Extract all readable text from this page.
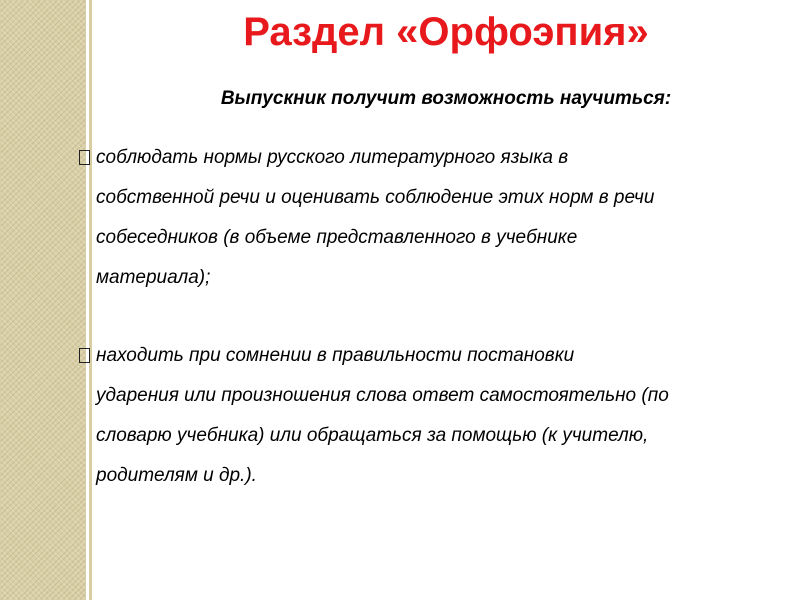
Раздел «Орфоэпия»
Выпускник получит возможность научиться:
соблюдать нормы русского литературного языка в
собственной речи и оценивать соблюдение этих норм в речи
собеседников (в объеме представленного в учебнике
материала);
находить при сомнении в правильности постановки
ударения или произношения слова ответ самостоятельно (по
словарю учебника) или обращаться за помощью (к учителю,
родителям и др.).
